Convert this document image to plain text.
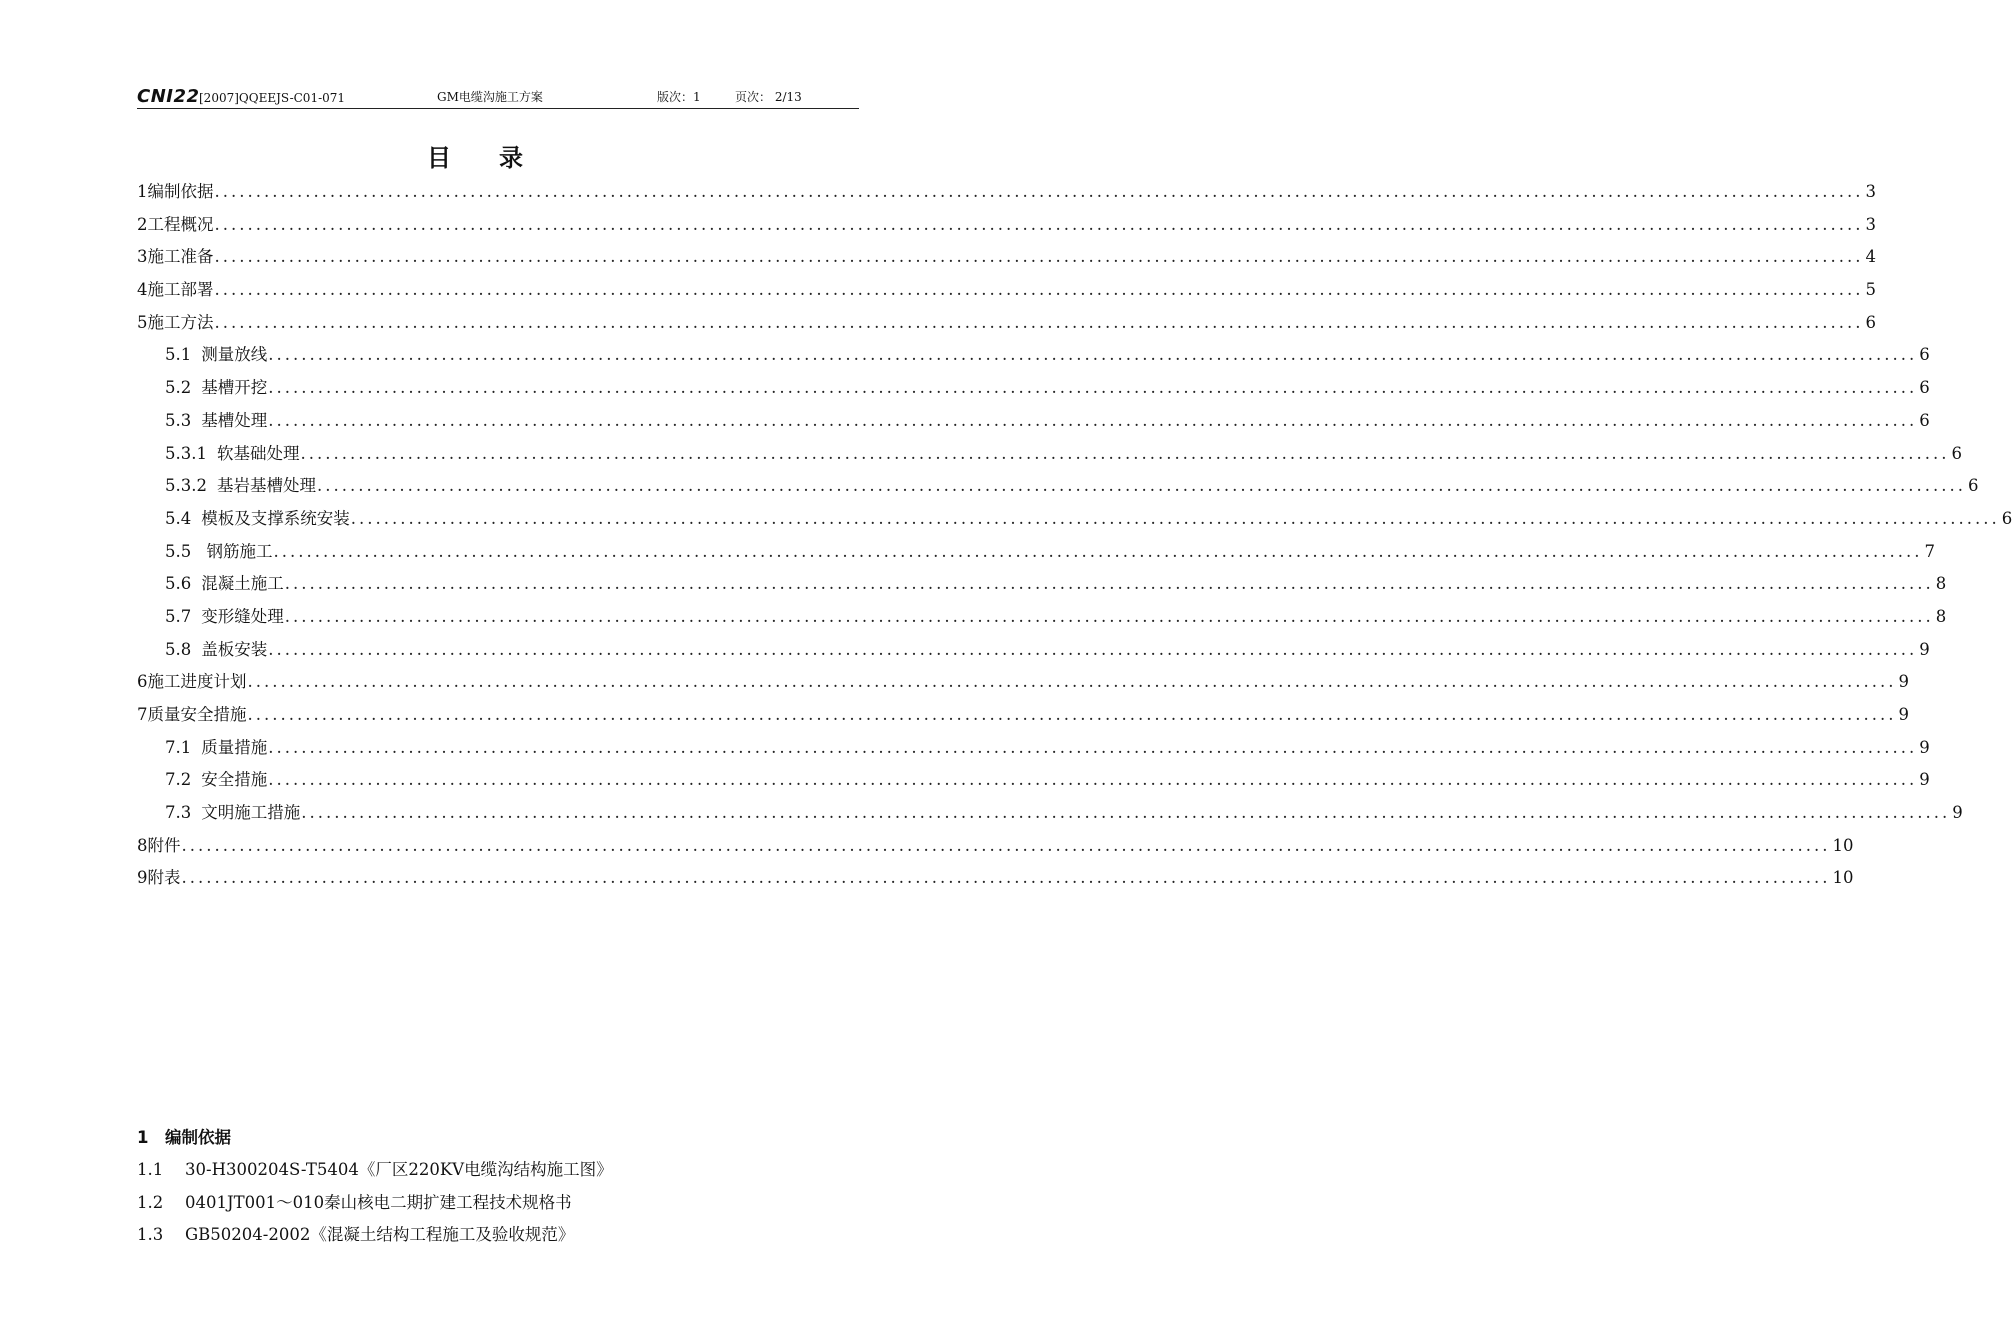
CNI22 [2007]QQEEJS-C01-071	GM电缆沟施工方案	版次：1	页次： 2/13
目录
1 编制依据 ........................................................................................................................................................................................................ 3
2 工程概况 ........................................................................................................................................................................................................ 3
3 施工准备 ........................................................................................................................................................................................................ 4
4 施工部署 ........................................................................................................................................................................................................ 5
5 施工方法 ........................................................................................................................................................................................................ 6
5.1 测量放线 ........................................................................................................................................................................................................ 6
5.2 基槽开挖 ........................................................................................................................................................................................................ 6
5.3 基槽处理 ........................................................................................................................................................................................................ 6
5.3.1 软基础处理 ........................................................................................................................................................................................................ 6
5.3.2 基岩基槽处理 ........................................................................................................................................................................................................ 6
5.4 模板及支撑系统安装 ........................................................................................................................................................................................................ 6
5.5 钢筋施工 ........................................................................................................................................................................................................ 7
5.6 混凝土施工 ........................................................................................................................................................................................................ 8
5.7 变形缝处理 ........................................................................................................................................................................................................ 8
5.8 盖板安装 ........................................................................................................................................................................................................ 9
6 施工进度计划 ........................................................................................................................................................................................................ 9
7 质量安全措施 ........................................................................................................................................................................................................ 9
7.1 质量措施 ........................................................................................................................................................................................................ 9
7.2 安全措施 ........................................................................................................................................................................................................ 9
7.3 文明施工措施 ........................................................................................................................................................................................................ 9
8 附件 ........................................................................................................................................................................................................ 10
9 附表 ........................................................................................................................................................................................................ 10
1 编制依据
1.1 30-H300204S-T5404《厂区220KV电缆沟结构施工图》
1.2 0401JT001～010秦山核电二期扩建工程技术规格书
1.3 GB50204-2002《混凝土结构工程施工及验收规范》
